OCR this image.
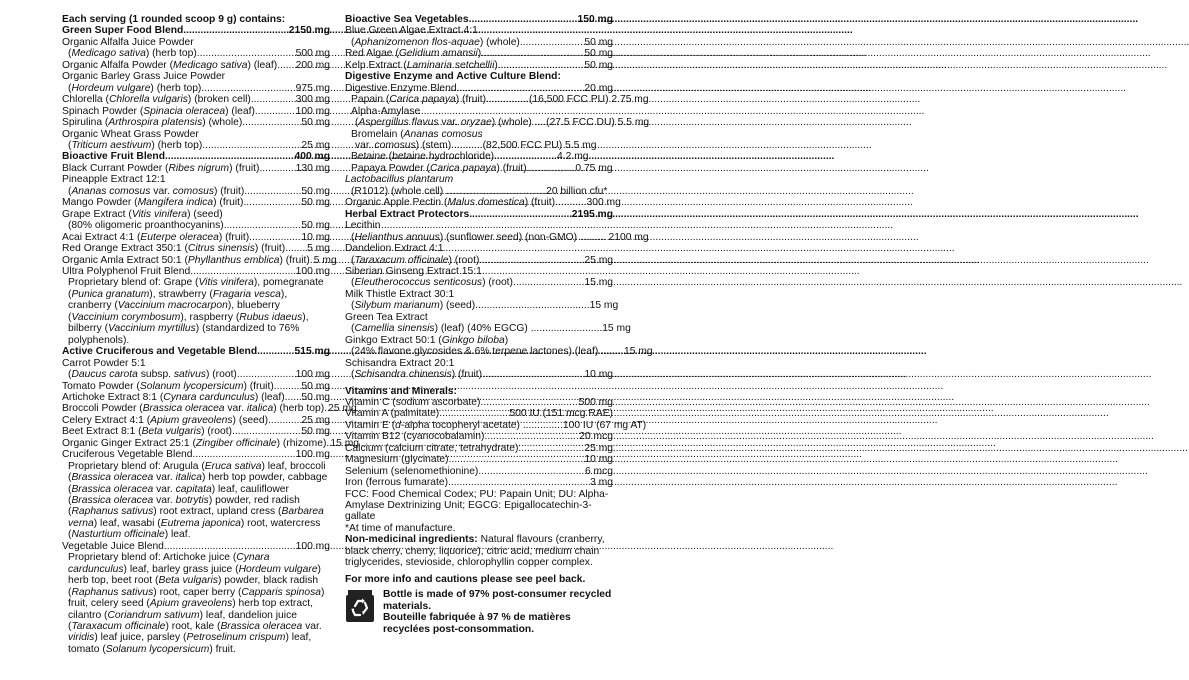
Each serving (1 rounded scoop 9 g) contains:
Green Super Food Blend .....	2150 mg
Organic Alfalfa Juice Powder
(Medicago sativa) (herb top) .....	500 mg
Organic Alfalfa Powder (Medicago sativa) (leaf) ..... 200 mg
Organic Barley Grass Juice Powder
(Hordeum vulgare) (herb top) .....	975 mg
Chlorella (Chlorella vulgaris) (broken cell) .....	300 mg
Spinach Powder (Spinacia oleracea) (leaf) .....	100 mg
Spirulina (Arthrospira platensis) (whole) .....	50 mg
Organic Wheat Grass Powder
(Triticum aestivum) (herb top) .....	25 mg
Bioactive Fruit Blend .....	400 mg
Black Currant Powder (Ribes nigrum) (fruit) .....	130 mg
Pineapple Extract 12:1
(Ananas comosus var. comosus) (fruit) .....	50 mg
Mango Powder (Mangifera indica) (fruit) .....	50 mg
Grape Extract (Vitis vinifera) (seed)
(80% oligomeric proanthocyanins) .....	50 mg
Acai Extract 4:1 (Euterpe oleracea) (fruit) .....	10 mg
Red Orange Extract 350:1 (Citrus sinensis) (fruit) ..... 5 mg
Organic Amla Extract 50:1 (Phyllanthus emblica) (fruit) ..... 5 mg
Ultra Polyphenol Fruit Blend .....	100 mg
Proprietary blend of: Grape (Vitis vinifera), pomegranate (Punica granatum), strawberry (Fragaria vesca), cranberry (Vaccinium macrocarpon), blueberry (Vaccinium corymbosum), raspberry (Rubus idaeus), bilberry (Vaccinium myrtillus) (standardized to 76% polyphenols).
Active Cruciferous and Vegetable Blend .....	515 mg
Carrot Powder 5:1
(Daucus carota subsp. sativus) (root) .....	100 mg
Tomato Powder (Solanum lycopersicum) (fruit) .....	50 mg
Artichoke Extract 8:1 (Cynara cardunculus) (leaf) ..... 50 mg
Broccoli Powder (Brassica oleracea var. italica) (herb top) ..... 25 mg
Celery Extract 4:1 (Apium graveolens) (seed) .....	25 mg
Beet Extract 8:1 (Beta vulgaris) (root) .....	50 mg
Organic Ginger Extract 25:1 (Zingiber officinale) (rhizome) ..... 15 mg
Cruciferous Vegetable Blend .....	100 mg
Proprietary blend of: Arugula (Eruca sativa) leaf, broccoli (Brassica oleracea var. italica) herb top powder, cabbage (Brassica oleracea var. capitata) leaf, cauliflower (Brassica oleracea var. botrytis) powder, red radish (Raphanus sativus) root extract, upland cress (Barbarea verna) leaf, wasabi (Eutrema japonica) root, watercress (Nasturtium officinale) leaf.
Vegetable Juice Blend .....	100 mg
Proprietary blend of: Artichoke juice (Cynara cardunculus) leaf, barley grass juice (Hordeum vulgare) herb top, beet root (Beta vulgaris) powder, black radish (Raphanus sativus) root, caper berry (Capparis spinosa) fruit, celery seed (Apium graveolens) herb top extract, cilantro (Coriandrum sativum) leaf, dandelion juice (Taraxacum officinale) root, kale (Brassica oleracea var. viridis) leaf juice, parsley (Petroselinum crispum) leaf, tomato (Solanum lycopersicum) fruit.
Bioactive Sea Vegetables .....	150 mg
Blue Green Algae Extract 4:1
(Aphanizomenon flos-aquae) (whole) .....	50 mg
Red Algae (Gelidium amansii) .....	50 mg
Kelp Extract (Laminaria setchellii) .....	50 mg
Digestive Enzyme and Active Culture Blend:
Digestive Enzyme Blend .....	20 mg
Papain (Carica papaya) (fruit)...............(16,500 FCC PU) 2.75 mg
Alpha-Amylase
(Aspergillus flavus var. oryzae) (whole) ....(27.5 FCC DU) 5.5 mg
Bromelain (Ananas comosus
var. comosus) (stem)...........(82,500 FCC PU) 5.5 mg
Betaine (betaine hydrochloride) .....................4.2 mg
Papaya Powder (Carica papaya) (fruit).................0.75 mg
Lactobacillus plantarum
(R1012) (whole cell) ...................................20 billion cfu*
Organic Apple Pectin (Malus domestica) (fruit)...........300 mg
Herbal Extract Protectors .....	2195 mg
Lecithin
(Helianthus annuus) (sunflower seed) (non-GMO) ......... 2100 mg
Dandelion Extract 4:1
(Taraxacum officinale) (root) .....	25 mg
Siberian Ginseng Extract 15:1
(Eleutherococcus senticosus) (root) .....	15 mg
Milk Thistle Extract 30:1
(Silybum marianum) (seed)........................................15 mg
Green Tea Extract
(Camellia sinensis) (leaf) (40% EGCG) .........................15 mg
Ginkgo Extract 50:1 (Ginkgo biloba)
(24% flavone glycosides & 6% terpene lactones) (leaf) ....... 15 mg
Schisandra Extract 20:1
(Schisandra chinensis) (fruit) .....	10 mg
Vitamins and Minerals:
Vitamin C (sodium ascorbate) .....	500 mg
Vitamin A (palmitate) .....	500 IU (151 mcg RAE)
Vitamin E (d-alpha tocopheryl acetate) ..............100 IU (67 mg AT)
Vitamin B12 (cyanocobalamin) .....	20 mcg
Calcium (calcium citrate, tetrahydrate) .....	25 mg
Magnesium (glycinate) .....	10 mg
Selenium (selenomethionine) .....	6 mcg
Iron (ferrous fumarate) .....	3 mg
FCC: Food Chemical Codex; PU: Papain Unit; DU: Alpha-Amylase Dextrinizing Unit; EGCG: Epigallocatechin-3-gallate
*At time of manufacture.
Non-medicinal ingredients: Natural flavours (cranberry, black cherry, cherry, liquorice), citric acid, medium chain triglycerides, stevioside, chlorophyllin copper complex.
For more info and cautions please see peel back.
Bottle is made of 97% post-consumer recycled materials.
Bouteille fabriquée à 97 % de matières recyclées post-consommation.
